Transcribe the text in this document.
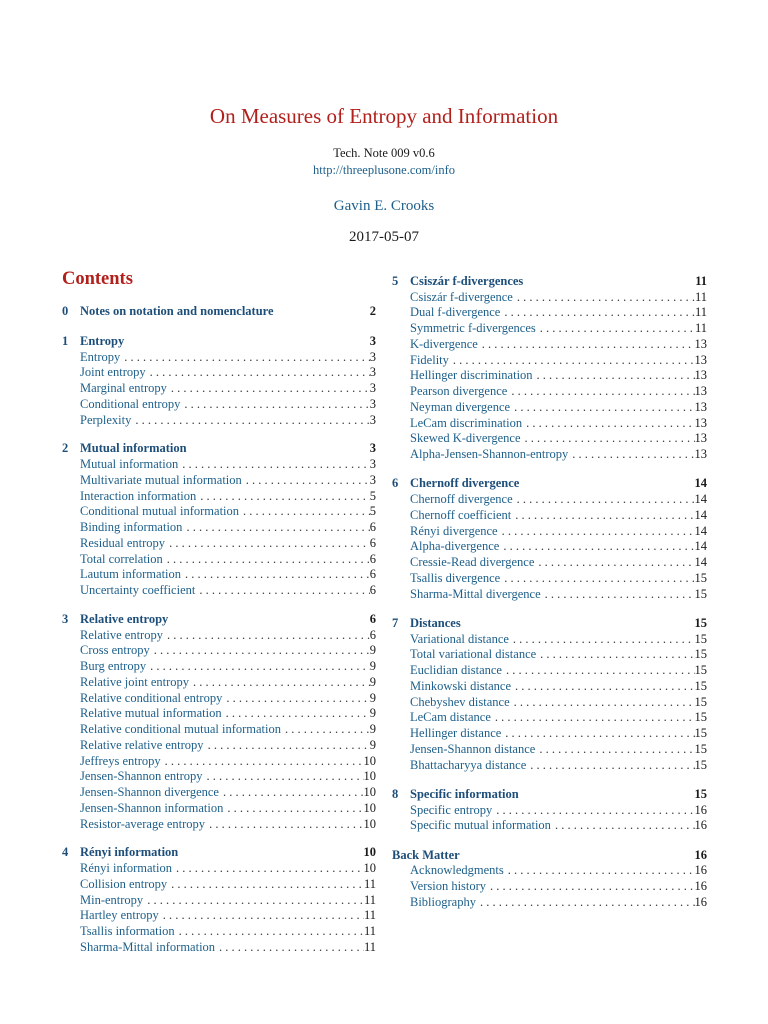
On Measures of Entropy and Information
Tech. Note 009 v0.6
http://threeplusone.com/info
Gavin E. Crooks
2017-05-07
Contents
0 Notes on notation and nomenclature	2
1 Entropy	3
Entropy . . .	3
Joint entropy . . .	3
Marginal entropy . . .	3
Conditional entropy . . .	3
Perplexity . . .	3
2 Mutual information	3
Mutual information . . .	3
Multivariate mutual information . . .	3
Interaction information . . .	5
Conditional mutual information . . .	5
Binding information . . .	6
Residual entropy . . .	6
Total correlation . . .	6
Lautum information . . .	6
Uncertainty coefficient . . .	6
3 Relative entropy	6
Relative entropy . . .	6
Cross entropy . . .	9
Burg entropy . . .	9
Relative joint entropy . . .	9
Relative conditional entropy . . .	9
Relative mutual information . . .	9
Relative conditional mutual information . . .	9
Relative relative entropy . . .	9
Jeffreys entropy . . .	10
Jensen-Shannon entropy . . .	10
Jensen-Shannon divergence . . .	10
Jensen-Shannon information . . .	10
Resistor-average entropy . . .	10
4 Rényi information	10
Rényi information . . .	10
Collision entropy . . .	11
Min-entropy . . .	11
Hartley entropy . . .	11
Tsallis information . . .	11
Sharma-Mittal information . . .	11
5 Csiszár f-divergences	11
Csiszár f-divergence . . .	11
Dual f-divergence . . .	11
Symmetric f-divergences . . .	11
K-divergence . . .	13
Fidelity . . .	13
Hellinger discrimination . . .	13
Pearson divergence . . .	13
Neyman divergence . . .	13
LeCam discrimination . . .	13
Skewed K-divergence . . .	13
Alpha-Jensen-Shannon-entropy . . .	13
6 Chernoff divergence	14
Chernoff divergence . . .	14
Chernoff coefficient . . .	14
Rényi divergence . . .	14
Alpha-divergence . . .	14
Cressie-Read divergence . . .	14
Tsallis divergence . . .	15
Sharma-Mittal divergence . . .	15
7 Distances	15
Variational distance . . .	15
Total variational distance . . .	15
Euclidian distance . . .	15
Minkowski distance . . .	15
Chebyshev distance . . .	15
LeCam distance . . .	15
Hellinger distance . . .	15
Jensen-Shannon distance . . .	15
Bhattacharyya distance . . .	15
8 Specific information	15
Specific entropy . . .	16
Specific mutual information . . .	16
Back Matter	16
Acknowledgments . . .	16
Version history . . .	16
Bibliography . . .	16
